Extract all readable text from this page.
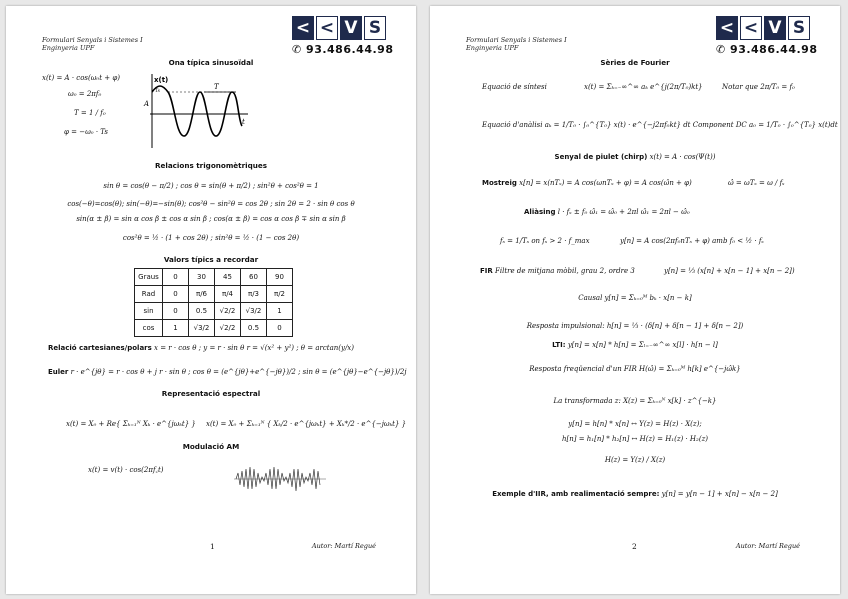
Formulari Senyals i Sistemes I
Enginyeria UPF
< < V S
✆ 93.486.44.98
Ona típica sinusoïdal
x(t) = A · cos(ω₀t + φ)
ω₀ = 2πf₀
T = 1 / f₀
φ = −ω₀ · Ts
x(t)
A
T
t
Ts
Relacions trigonomètriques
sin θ = cos(θ − π/2) ; cos θ = sin(θ + π/2) ; sin²θ + cos²θ = 1
cos(−θ)=cos(θ); sin(−θ)=−sin(θ); cos²θ − sin²θ = cos 2θ ; sin 2θ = 2 · sin θ cos θ
sin(α ± β) = sin α cos β ± cos α sin β ; cos(α ± β) = cos α cos β ∓ sin α sin β
cos²θ = ½ · (1 + cos 2θ) ; sin²θ = ½ · (1 − cos 2θ)
Valors típics a recordar
Graus	0	30	45	60	90
Rad	0	π/6	π/4	π/3	π/2
sin	0	0.5	√2/2	√3/2	1
cos	1	√3/2	√2/2	0.5	0
Relació cartesianes/polars x = r · cos θ ; y = r · sin θ r = √(x² + y²) ; θ = arctan(y/x)
Euler r · e^{jθ} = r · cos θ + j r · sin θ ; cos θ = (e^{jθ}+e^{−jθ})/2 ; sin θ = (e^{jθ}−e^{−jθ})/2j
Representació espectral
x(t) = X₀ + Re{ Σₖ₌₁ᴺ Xₖ · e^{jωₖt} } x(t) = X₀ + Σₖ₌₁ᴺ { Xₖ/2 · e^{jωₖt} + Xₖ*/2 · e^{−jωₖt} }
Modulació AM
x(t) = v(t) · cos(2πf꜀t)
1	Autor: Martí Regué
Formulari Senyals i Sistemes I
Enginyeria UPF
< < V S
✆ 93.486.44.98
Sèries de Fourier
Equació de síntesi	x(t) = Σₖ₌₋∞^∞ aₖ e^{j(2π/T₀)kt}	Notar que 2π/T₀ = f₀
Equació d'anàlisi aₖ = 1/T₀ · ∫₀^{T₀} x(t) · e^{−j2πf₀kt} dt Component DC a₀ = 1/T₀ · ∫₀^{T₀} x(t)dt
Senyal de piulet (chirp) x(t) = A · cos(Ψ(t))
Mostreig x[n] = x(nTₛ) = A cos(ωnTₛ + φ) = A cos(ω̂n + φ)	ω̂ = ωTₛ = ω / fₛ
Aliàsing l · fₛ ± f₀ ω̂₁ = ω̂₀ + 2πl ω̂₁ = 2πl − ω̂₀
fₛ = 1/Tₛ on fₛ > 2 · f_max	y[n] = A cos(2πf₀nTₛ + φ) amb f₀ < ½ · fₛ
FIR Filtre de mitjana mòbil, grau 2, ordre 3	y[n] = ⅓ (x[n] + x[n − 1] + x[n − 2])
Causal y[n] = Σₖ₌₀ᴹ bₖ · x[n − k]
Resposta impulsional: h[n] = ⅓ · (δ[n] + δ[n − 1] + δ[n − 2])
LTI: y[n] = x[n] * h[n] = Σₗ₌₋∞^∞ x[l] · h[n − l]
Resposta freqüencial d'un FIR H(ω̂) = Σₖ₌₀ᴹ h[k] e^{−jω̂k}
La transformada z: X(z) = Σₖ₌₀ᴺ x[k] · z^{−k}
y[n] = h[n] * x[n] ↔ Y(z) = H(z) · X(z);
h[n] = h₁[n] * h₂[n] ↔ H(z) = H₁(z) · H₂(z)
H(z) = Y(z) / X(z)
Exemple d'IIR, amb realimentació sempre: y[n] = y[n − 1] + x[n] − x[n − 2]
2	Autor: Martí Regué
